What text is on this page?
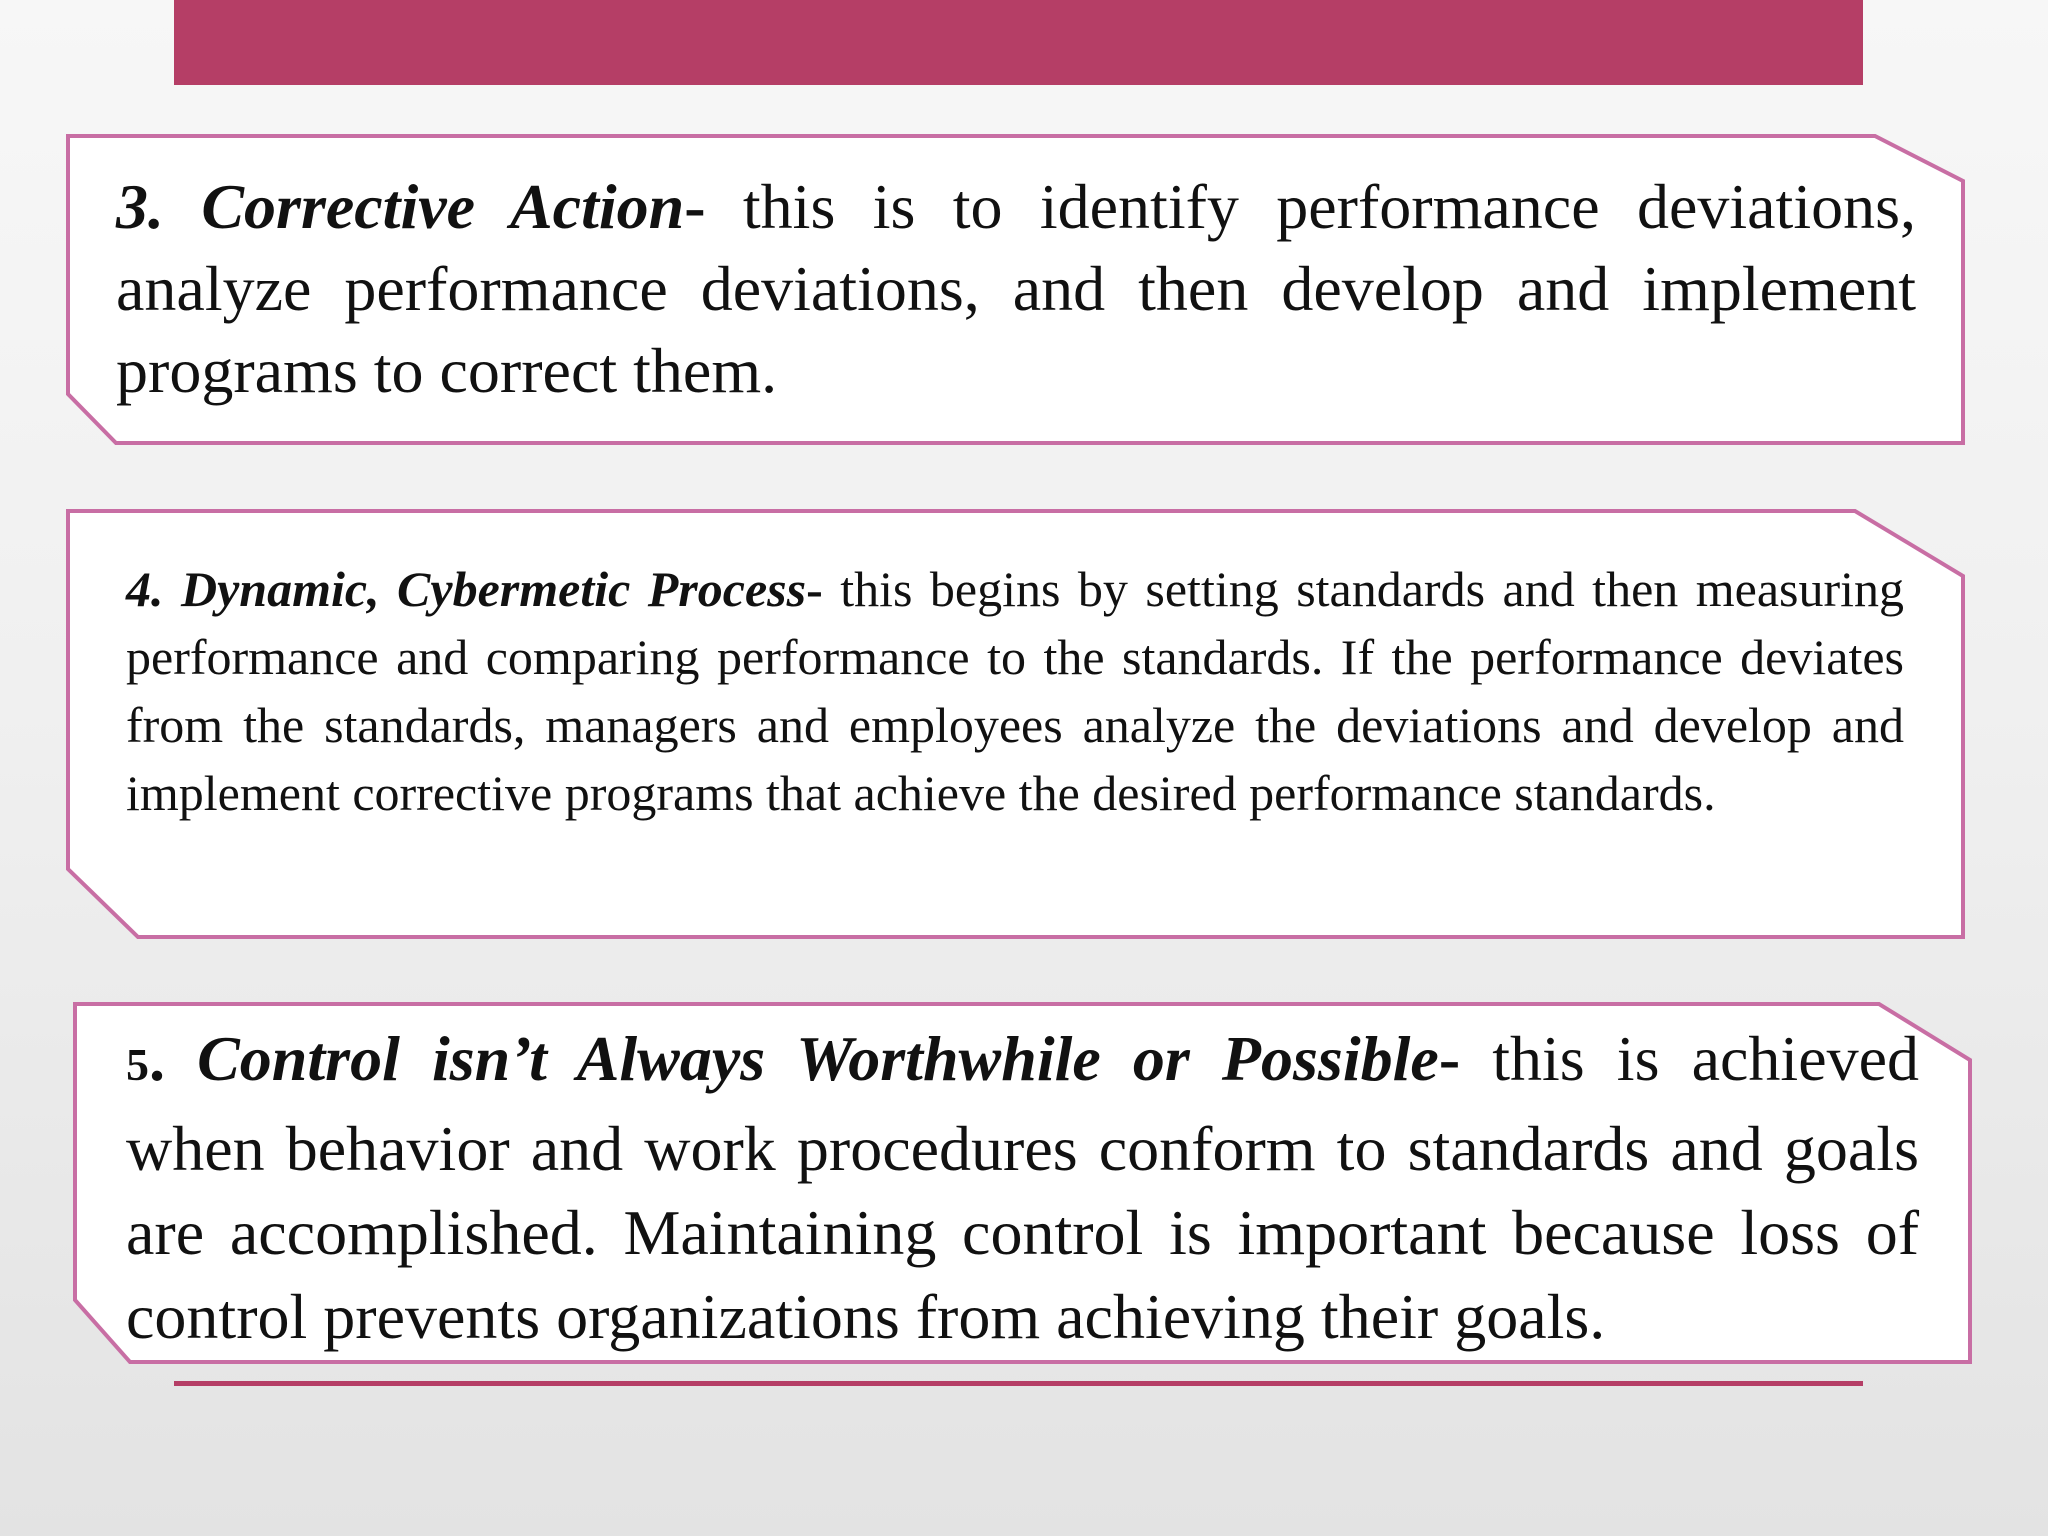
3. Corrective Action- this is to identify performance deviations, analyze performance deviations, and then develop and implement programs to correct them.
4. Dynamic, Cybermetic Process- this begins by setting standards and then measuring performance and comparing performance to the standards. If the performance deviates from the standards, managers and employees analyze the deviations and develop and implement corrective programs that achieve the desired performance standards.
5. Control isn’t Always Worthwhile or Possible- this is achieved when behavior and work procedures conform to standards and goals are accomplished. Maintaining control is important because loss of control prevents organizations from achieving their goals.
